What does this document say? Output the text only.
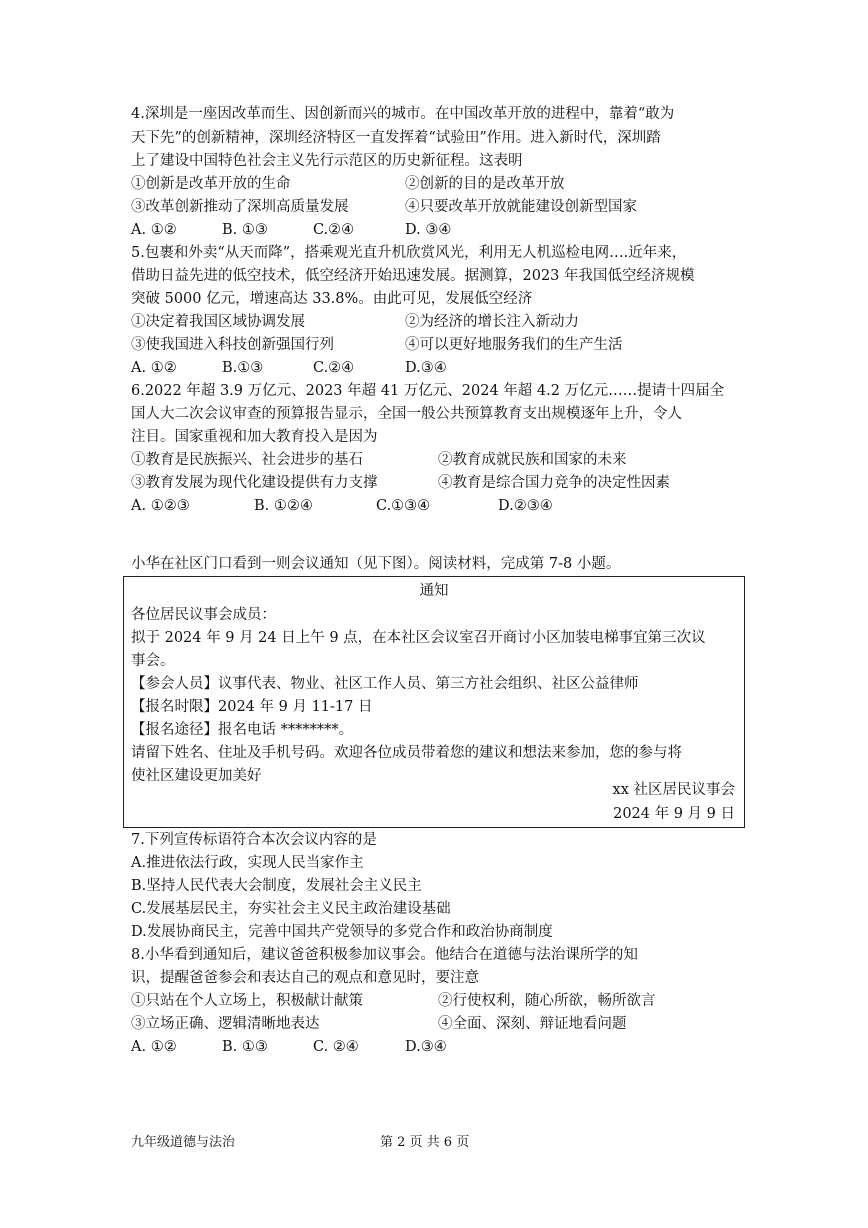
4.深圳是一座因改革而生、因创新而兴的城市。在中国改革开放的进程中，靠着“敢为
天下先”的创新精神，深圳经济特区一直发挥着“试验田”作用。进入新时代，深圳踏
上了建设中国特色社会主义先行示范区的历史新征程。这表明
①创新是改革开放的生命	②创新的目的是改革开放
③改革创新推动了深圳高质量发展	④只要改革开放就能建设创新型国家
A. ①②	B. ①③	C.②④	D. ③④
5.包裹和外卖“从天而降”，搭乘观光直升机欣赏风光，利用无人机巡检电网….近年来，
借助日益先进的低空技术，低空经济开始迅速发展。据测算，2023 年我国低空经济规模
突破 5000 亿元，增速高达 33.8%。由此可见，发展低空经济
①决定着我国区域协调发展	②为经济的增长注入新动力
③使我国进入科技创新强国行列	④可以更好地服务我们的生产生活
A. ①②	B.①③	C.②④	D.③④
6.2022 年超 3.9 万亿元、2023 年超 41 万亿元、2024 年超 4.2 万亿元……提请十四届全
国人大二次会议审查的预算报告显示，全国一般公共预算教育支出规模逐年上升，令人
注目。国家重视和加大教育投入是因为
①教育是民族振兴、社会进步的基石	②教育成就民族和国家的未来
③教育发展为现代化建设提供有力支撑	④教育是综合国力竞争的决定性因素
A. ①②③	B. ①②④	C.①③④	D.②③④
小华在社区门口看到一则会议通知（见下图）。阅读材料，完成第 7-8 小题。
通知
各位居民议事会成员：
拟于 2024 年 9 月 24 日上午 9 点，在本社区会议室召开商讨小区加装电梯事宜第三次议
事会。
【参会人员】议事代表、物业、社区工作人员、第三方社会组织、社区公益律师
【报名时限】2024 年 9 月 11-17 日
【报名途径】报名电话 ********。
请留下姓名、住址及手机号码。欢迎各位成员带着您的建议和想法来参加，您的参与将
使社区建设更加美好
xx 社区居民议事会
2024 年 9 月 9 日
7.下列宣传标语符合本次会议内容的是
A.推进依法行政，实现人民当家作主
B.坚持人民代表大会制度，发展社会主义民主
C.发展基层民主，夯实社会主义民主政治建设基础
D.发展协商民主，完善中国共产党领导的多党合作和政治协商制度
8.小华看到通知后，建议爸爸积极参加议事会。他结合在道德与法治课所学的知
识，提醒爸爸参会和表达自己的观点和意见时，要注意
①只站在个人立场上，积极献计献策	②行使权利，随心所欲，畅所欲言
③立场正确、逻辑清晰地表达	④全面、深刻、辩证地看问题
A. ①②	B. ①③	C. ②④	D.③④
九年级道德与法治	第 2 页 共 6 页
